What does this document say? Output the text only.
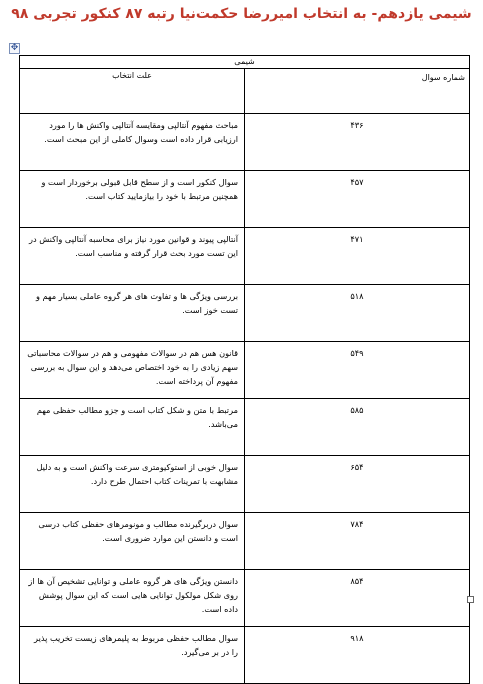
شیمی یازدهم- به انتخاب امیررضا حکمت‌نیا رتبه ۸۷ کنکور تجربی ۹۸
✥
شیمی	
شماره سوال	علت انتخاب
۴۳۶	مباحث مفهوم آنتالپی ومقایسه آنتالپی واکنش ها را مورد ارزیابی قرار داده است وسوال کاملی از این مبحث است.
۴۵۷	سوال کنکور است و از سطح قابل قبولی برخوردار است و همچنین مرتبط با خود را بیازمایید کتاب است.
۴۷۱	آنتالپی پیوند و قوانین مورد نیاز برای محاسبه آنتالپی واکنش در این تست مورد بحث قرار گرفته و مناسب است.
۵۱۸	بررسی ویژگی ها و تفاوت های هر گروه عاملی بسیار مهم و تست خوز است.
۵۴۹	قانون هس هم در سوالات مفهومی و هم در سوالات محاسباتی سهم زیادی را به خود اختصاص می‌دهد و این سوال به بررسی مفهوم آن پرداخته است.
۵۸۵	مرتبط با متن و شکل کتاب است و جزو مطالب حفظی مهم می‌باشد.
۶۵۴	سوال خوبی از استوکیومتری سرعت واکنش است و به دلیل مشابهت با تمرینات کتاب احتمال طرح دارد.
۷۸۴	سوال دربرگیرنده مطالب و مونومرهای حفظی کتاب درسی است و دانستن این موارد ضروری است.
۸۵۴	دانستن ویژگی های هر گروه عاملی و توانایی تشخیص آن ها از روی شکل مولکول توانایی هایی است که این سوال پوشش داده است.
۹۱۸	سوال مطالب حفظی مربوط به پلیمرهای زیست تخریب پذیر را در بر می‌گیرد.
